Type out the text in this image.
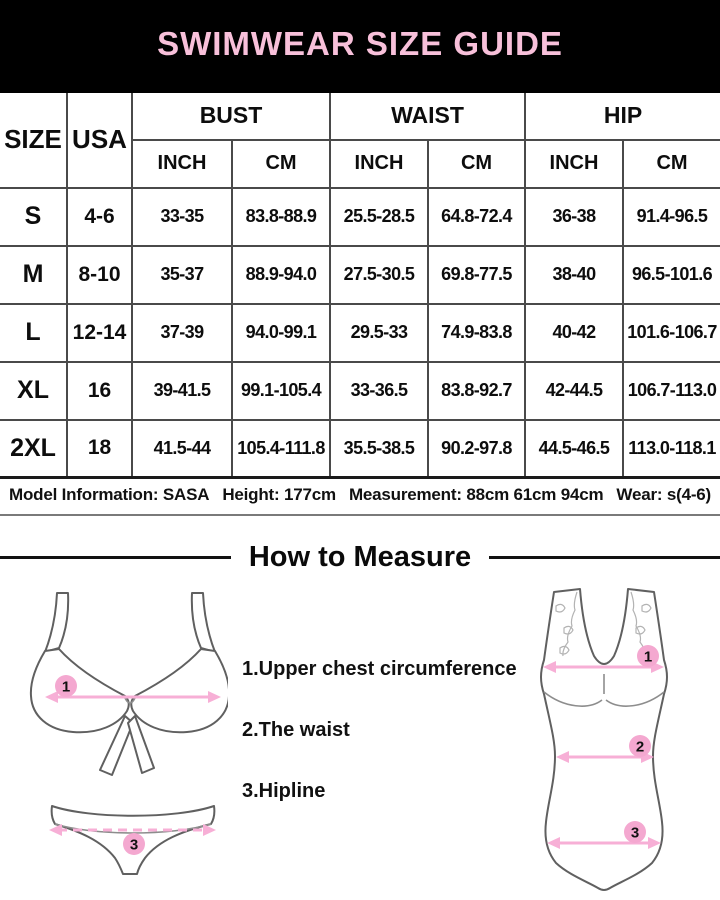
SWIMWEAR SIZE GUIDE
SIZE	USA	BUST		WAIST		HIP	
		INCH	CM	INCH	CM	INCH	CM
S	4-6	33-35	83.8-88.9	25.5-28.5	64.8-72.4	36-38	91.4-96.5
M	8-10	35-37	88.9-94.0	27.5-30.5	69.8-77.5	38-40	96.5-101.6
L	12-14	37-39	94.0-99.1	29.5-33	74.9-83.8	40-42	101.6-106.7
XL	16	39-41.5	99.1-105.4	33-36.5	83.8-92.7	42-44.5	106.7-113.0
2XL	18	41.5-44	105.4-111.8	35.5-38.5	90.2-97.8	44.5-46.5	113.0-118.1
Model Information: SASA Height: 177cm Measurement: 88cm 61cm 94cm Wear: s(4-6)
How to Measure
1.Upper chest circumference
2.The waist
3.Hipline
1
3
1
2
3
